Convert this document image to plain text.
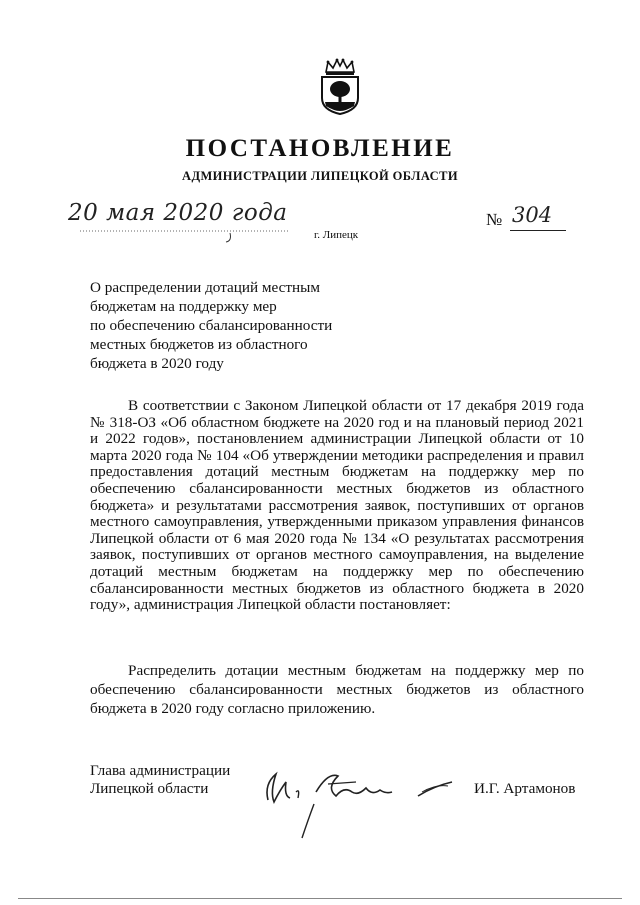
ПОСТАНОВЛЕНИЕ
АДМИНИСТРАЦИИ ЛИПЕЦКОЙ ОБЛАСТИ
20 мая 2020 года
г. Липецк
№ 304
О распределении дотаций местным
бюджетам на поддержку мер
по обеспечению сбалансированности
местных бюджетов из областного
бюджета в 2020 году

В соответствии с Законом Липецкой области от 17 декабря 2019 года № 318-ОЗ «Об областном бюджете на 2020 год и на плановый период 2021 и 2022 годов», постановлением администрации Липецкой области от 10 марта 2020 года № 104 «Об утверждении методики распределения и правил предоставления дотаций местным бюджетам на поддержку мер по обеспечению сбалансированности местных бюджетов из областного бюджета» и результатами рассмотрения заявок, поступивших от органов местного самоуправления, утвержденными приказом управления финансов Липецкой области от 6 мая 2020 года № 134 «О результатах рассмотрения заявок, поступивших от органов местного самоуправления, на выделение дотаций местным бюджетам на поддержку мер по обеспечению сбалансированности местных бюджетов из областного бюджета в 2020 году», администрация Липецкой области постановляет:

Распределить дотации местным бюджетам на поддержку мер по обеспечению сбалансированности местных бюджетов из областного бюджета в 2020 году согласно приложению.

Глава администрации
Липецкой области	И.Г. Артамонов
